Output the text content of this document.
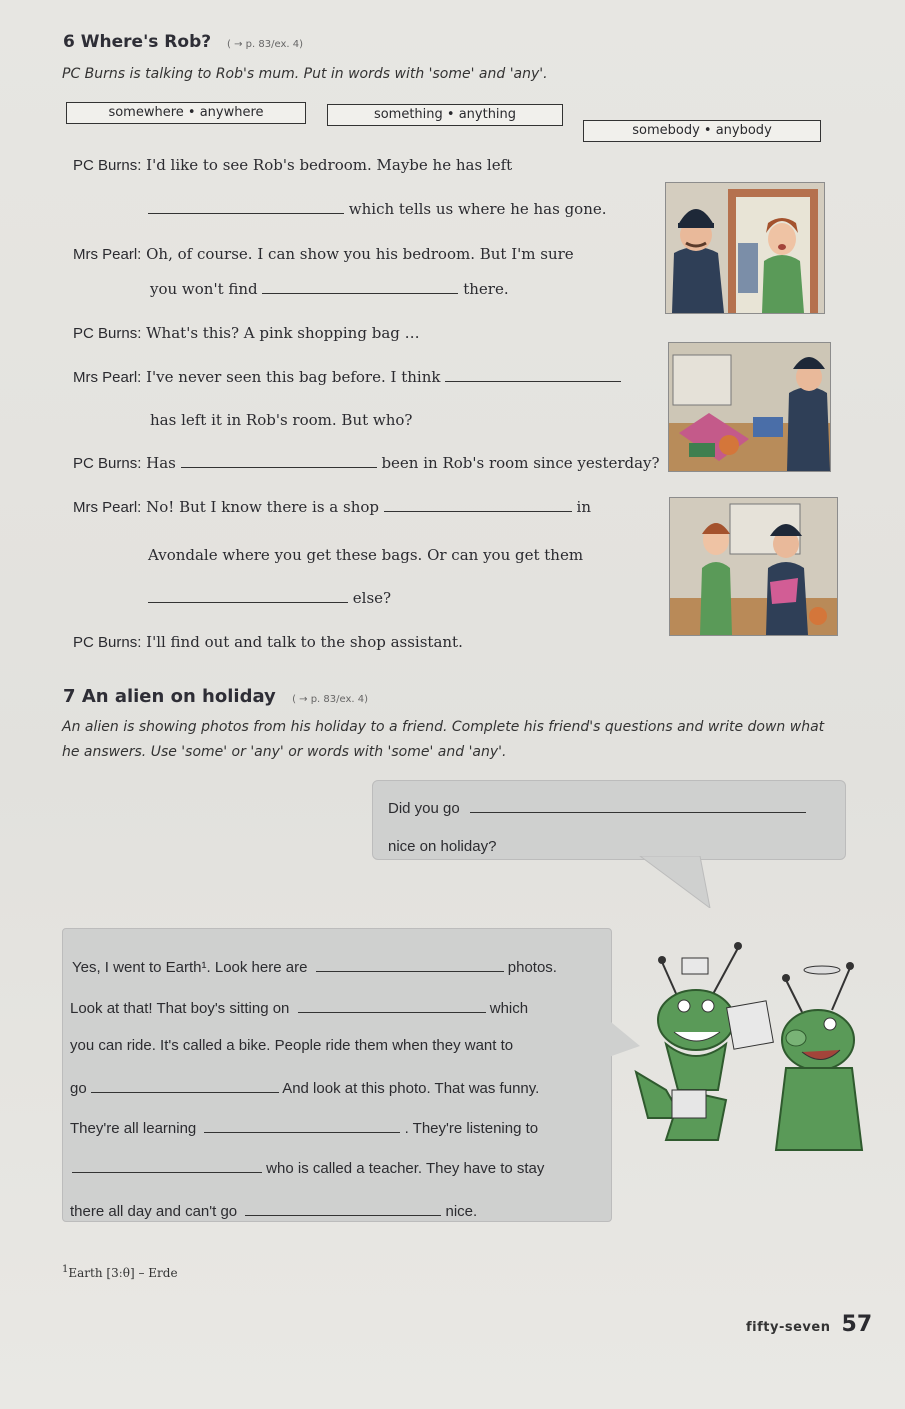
6 Where's Rob? ( → p. 83/ex. 4)
PC Burns is talking to Rob's mum. Put in words with 'some' and 'any'.
somewhere • anywhere	something • anything
somebody • anybody
PC Burns: I'd like to see Rob's bedroom. Maybe he has left
which tells us where he has gone.
Mrs Pearl: Oh, of course. I can show you his bedroom. But I'm sure
you won't find	there.
PC Burns: What's this? A pink shopping bag …
Mrs Pearl: I've never seen this bag before. I think
has left it in Rob's room. But who?
PC Burns: Has	been in Rob's room since yesterday?
Mrs Pearl: No! But I know there is a shop	in
Avondale where you get these bags. Or can you get them
else?
PC Burns: I'll find out and talk to the shop assistant.
7 An alien on holiday ( → p. 83/ex. 4)
An alien is showing photos from his holiday to a friend. Complete his friend's questions and write down what
he answers. Use 'some' or 'any' or words with 'some' and 'any'.
Did you go
nice on holiday?
Yes, I went to Earth¹. Look here are	photos.
Look at that! That boy's sitting on	which
you can ride. It's called a bike. People ride them when they want to
go	And look at this photo. That was funny.
They're all learning	. They're listening to
who is called a teacher. They have to stay
there all day and can't go	nice.
$^1$Earth [3ːθ] – Erde
fifty-seven 57
